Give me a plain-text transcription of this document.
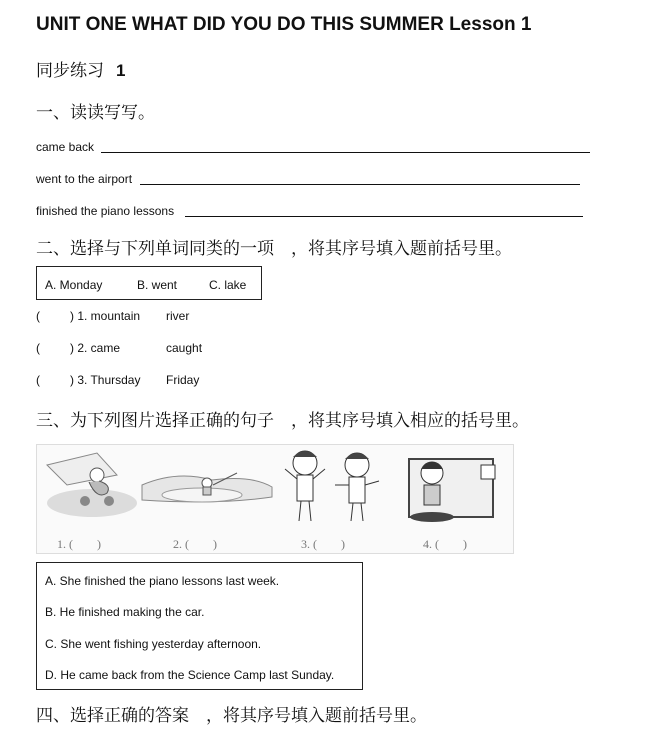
UNIT ONE WHAT DID YOU DO THIS SUMMER Lesson 1
同步练习 1
一、读读写写。
came back
went to the airport
finished the piano lessons
二、选择与下列单词同类的一项　，将其序号填入题前括号里。
A. Monday	B. went	C. lake
(	) 1. mountain river
(	) 2. came	caught
(	) 3. Thursday Friday
三、为下列图片选择正确的句子　，将其序号填入相应的括号里。
1. (　　)	2. (　　)	3. (　　)	4. (　　)
A. She finished the piano lessons last week.
B. He finished making the car.
C. She went fishing yesterday afternoon.
D. He came back from the Science Camp last Sunday.
四、选择正确的答案　，将其序号填入题前括号里。
